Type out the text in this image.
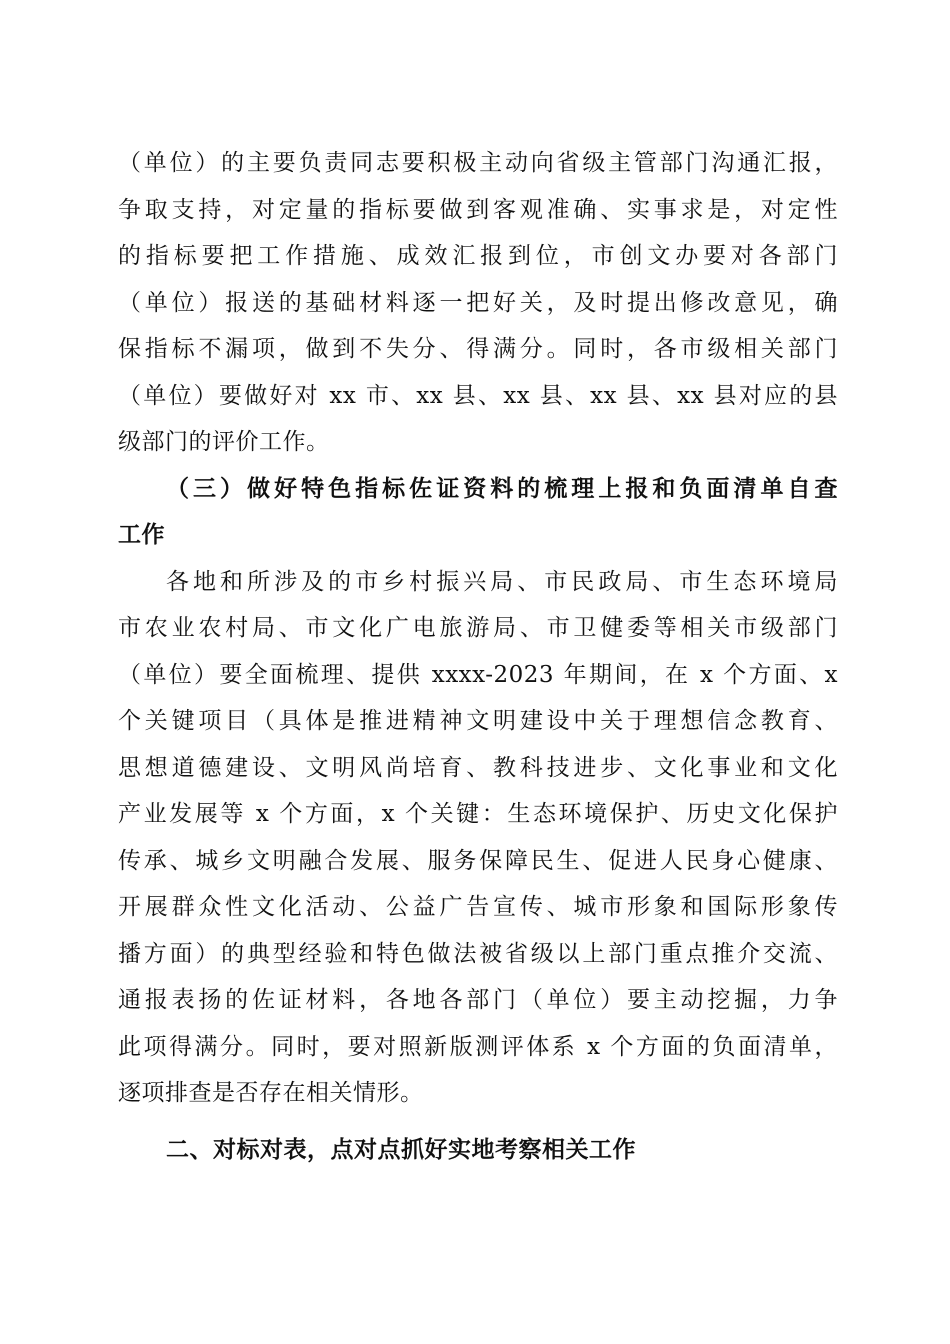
（单位）的主要负责同志要积极主动向省级主管部门沟通汇报，
争取支持，对定量的指标要做到客观准确、实事求是，对定性
的指标要把工作措施、成效汇报到位，市创文办要对各部门
（单位）报送的基础材料逐一把好关，及时提出修改意见，确
保指标不漏项，做到不失分、得满分。同时，各市级相关部门
（单位）要做好对 xx 市、xx 县、xx 县、xx 县、xx 县对应的县
级部门的评价工作。
（三）做好特色指标佐证资料的梳理上报和负面清单自查
工作
各地和所涉及的市乡村振兴局、市民政局、市生态环境局
市农业农村局、市文化广电旅游局、市卫健委等相关市级部门
（单位）要全面梳理、提供 xxxx-2023 年期间，在 x 个方面、x
个关键项目（具体是推进精神文明建设中关于理想信念教育、
思想道德建设、文明风尚培育、教科技进步、文化事业和文化
产业发展等 x 个方面，x 个关键：生态环境保护、历史文化保护
传承、城乡文明融合发展、服务保障民生、促进人民身心健康、
开展群众性文化活动、公益广告宣传、城市形象和国际形象传
播方面）的典型经验和特色做法被省级以上部门重点推介交流、
通报表扬的佐证材料，各地各部门（单位）要主动挖掘，力争
此项得满分。同时，要对照新版测评体系 x 个方面的负面清单，
逐项排查是否存在相关情形。
二、对标对表，点对点抓好实地考察相关工作
